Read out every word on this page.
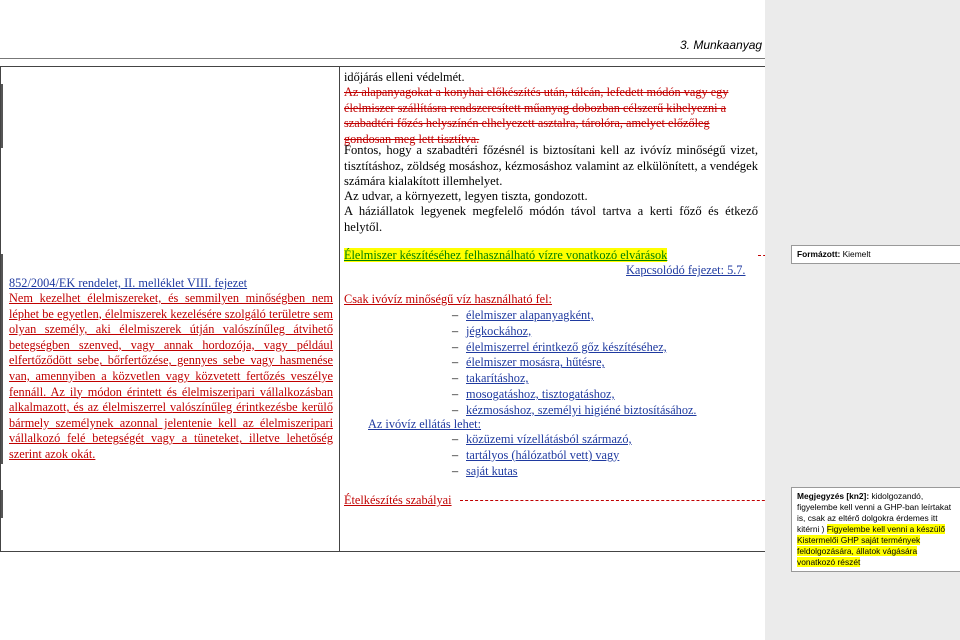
3. Munkaanyag
852/2004/EK rendelet, II. melléklet VIII. fejezet
Nem kezelhet élelmiszereket, és semmilyen minőségben nem léphet be egyetlen, élelmiszerek kezelésére szolgáló területre sem olyan személy, aki élelmiszerek útján valószínűleg átvihető betegségben szenved, vagy annak hordozója, vagy például elfertőződött sebe, bőrfertőzése, gennyes sebe vagy hasmenése van, amennyiben a közvetlen vagy közvetett fertőzés veszélye fennáll. Az ily módon érintett és élelmiszeripari vállalkozásban alkalmazott, és az élelmiszerrel valószínűleg érintkezésbe kerülő bármely személynek azonnal jelentenie kell az élelmiszeripari vállalkozó felé betegségét vagy a tüneteket, illetve lehetőség szerint azok okát.
időjárás elleni védelmét.
Az alapanyagokat a konyhai előkészítés után, tálcán, lefedett módón vagy egy élelmiszer szállításra rendszeresített műanyag dobozban célszerű kihelyezni a szabadtéri főzés helyszínén elhelyezett asztalra, tárolóra, amelyet előzőleg gondosan meg lett tisztítva.
Fontos, hogy a szabadtéri főzésnél is biztosítani kell az ivóvíz minőségű vizet, tisztításhoz, zöldség mosáshoz, kézmosáshoz valamint az elkülönített, a vendégek számára kialakított illemhelyet.
Az udvar, a környezett, legyen tiszta, gondozott.
A háziállatok legyenek megfelelő módón távol tartva a kerti főző és étkező helytől.
Élelmiszer készítéséhez felhasználható vízre vonatkozó elvárások
Kapcsolódó fejezet: 5.7.
Csak ivóvíz minőségű víz használható fel:
– élelmiszer alapanyagként,
– jégkockához,
– élelmiszerrel érintkező gőz készítéséhez,
– élelmiszer mosásra, hűtésre,
– takarításhoz,
– mosogatáshoz, tisztogatáshoz,
– kézmosáshoz, személyi higiéné biztosításához.
Az ivóvíz ellátás lehet:
– közüzemi vízellátásból származó,
– tartályos (hálózatból vett) vagy
– saját kutas
Ételkészítés szabályai
Formázott: Kiemelt
Megjegyzés [kn2]: kidolgozandó, figyelembe kell venni a GHP-ban leírtakat is, csak az eltérő dolgokra érdemes itt kitérni ) Figyelembe kell venni a készülő Kistermelői GHP saját termények feldolgozására, állatok vágására vonatkozó részét
